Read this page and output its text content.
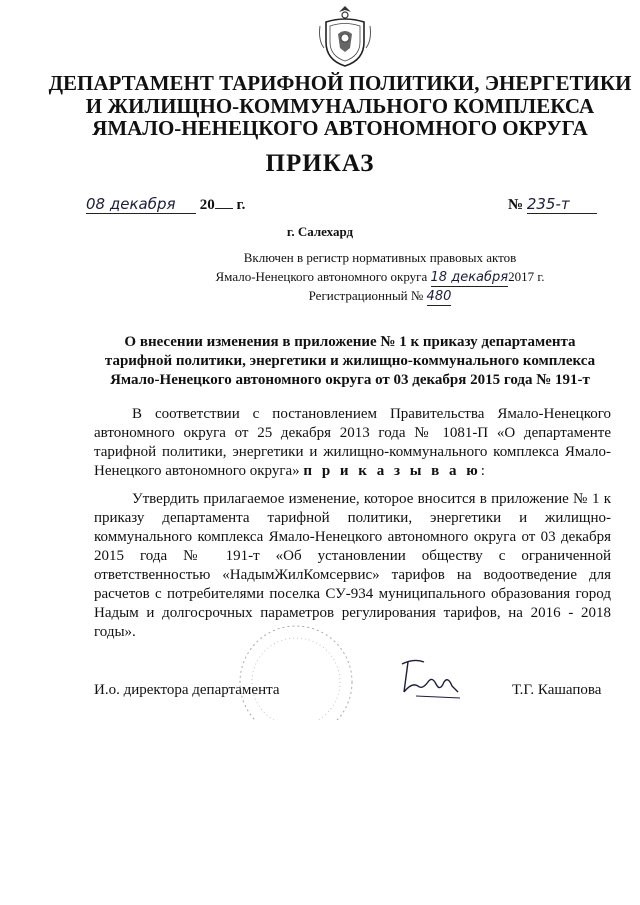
ДЕПАРТАМЕНТ ТАРИФНОЙ ПОЛИТИКИ, ЭНЕРГЕТИКИ
И ЖИЛИЩНО-КОММУНАЛЬНОГО КОМПЛЕКСА
ЯМАЛО-НЕНЕЦКОГО АВТОНОМНОГО ОКРУГА
ПРИКАЗ
08 декабря 20 г.	№ 235-т
г. Салехард
Включен в регистр нормативных правовых актов
Ямало-Ненецкого автономного округа 18 декабря2017 г.
Регистрационный № 480
О внесении изменения в приложение № 1 к приказу департамента
тарифной политики, энергетики и жилищно-коммунального комплекса
Ямало-Ненецкого автономного округа от 03 декабря 2015 года № 191-т
В соответствии с постановлением Правительства Ямало-Ненецкого автономного округа от 25 декабря 2013 года № 1081-П «О департаменте тарифной политики, энергетики и жилищно-коммунального комплекса Ямало-Ненецкого автономного округа» п р и к а з ы в а ю:
Утвердить прилагаемое изменение, которое вносится в приложение № 1 к приказу департамента тарифной политики, энергетики и жилищно-коммунального комплекса Ямало-Ненецкого автономного округа от 03 декабря 2015 года № 191-т «Об установлении обществу с ограниченной ответственностью «НадымЖилКомсервис» тарифов на водоотведение для расчетов с потребителями поселка СУ-934 муниципального образования город Надым и долгосрочных параметров регулирования тарифов, на 2016 - 2018 годы».
И.о. директора департамента	Т.Г. Кашапова
